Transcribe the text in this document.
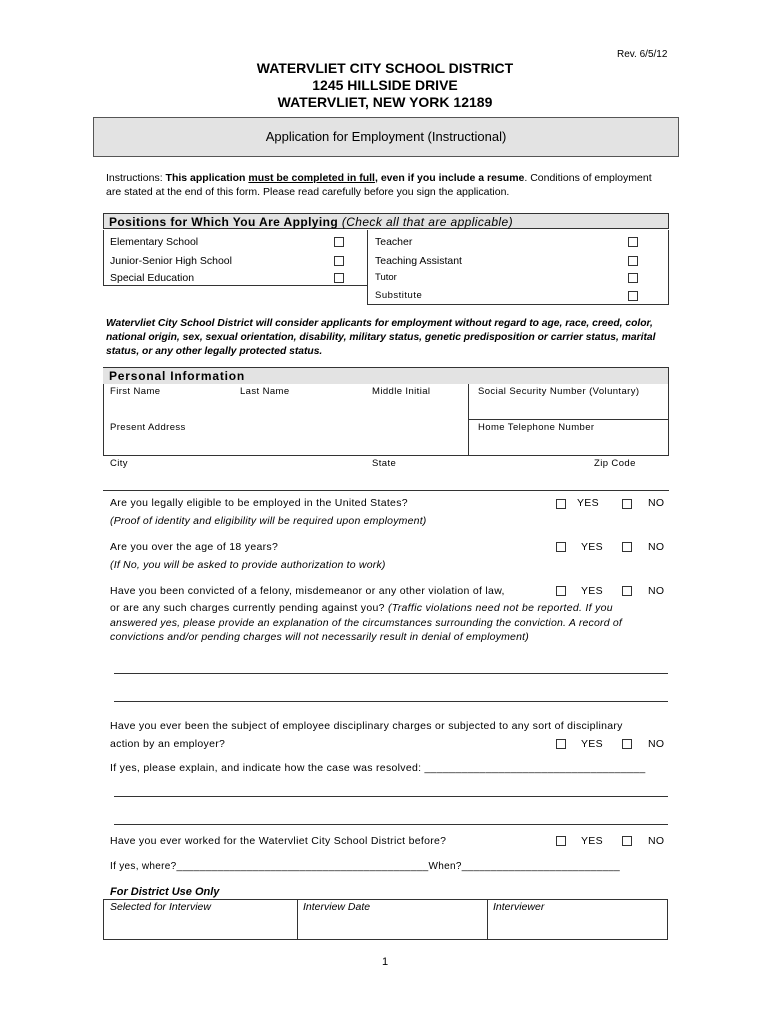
Rev. 6/5/12
WATERVLIET CITY SCHOOL DISTRICT
1245 HILLSIDE DRIVE
WATERVLIET, NEW YORK 12189
Application for Employment (Instructional)
Instructions: This application must be completed in full, even if you include a resume. Conditions of employment
are stated at the end of this form. Please read carefully before you sign the application.
Positions for Which You Are Applying (Check all that are applicable)
Elementary School
Junior-Senior High School
Special Education
Teacher
Teaching Assistant
Tutor
Substitute
Watervliet City School District will consider applicants for employment without regard to age, race, creed, color, national origin, sex, sexual orientation, disability, military status, genetic predisposition or carrier status, marital status, or any other legally protected status.
Personal Information
First Name	Last Name	Middle Initial	Social Security Number (Voluntary)
Present Address	Home Telephone Number
City	State	Zip Code
Are you legally eligible to be employed in the United States?
(Proof of identity and eligibility will be required upon employment)
YES	NO
Are you over the age of 18 years?
(If No, you will be asked to provide authorization to work)
YES	NO
Have you been convicted of a felony, misdemeanor or any other violation of law,	YES	NO
or are any such charges currently pending against you? (Traffic violations need not be reported. If you
answered yes, please provide an explanation of the circumstances surrounding the conviction. A record of
convictions and/or pending charges will not necessarily result in denial of employment)
Have you ever been the subject of employee disciplinary charges or subjected to any sort of disciplinary
action by an employer?	YES	NO
If yes, please explain, and indicate how the case was resolved: ____________________________________
Have you ever worked for the Watervliet City School District before?	YES	NO
If yes, where?___________________________________________When?___________________________
For District Use Only
Selected for Interview	Interview Date	Interviewer
1
